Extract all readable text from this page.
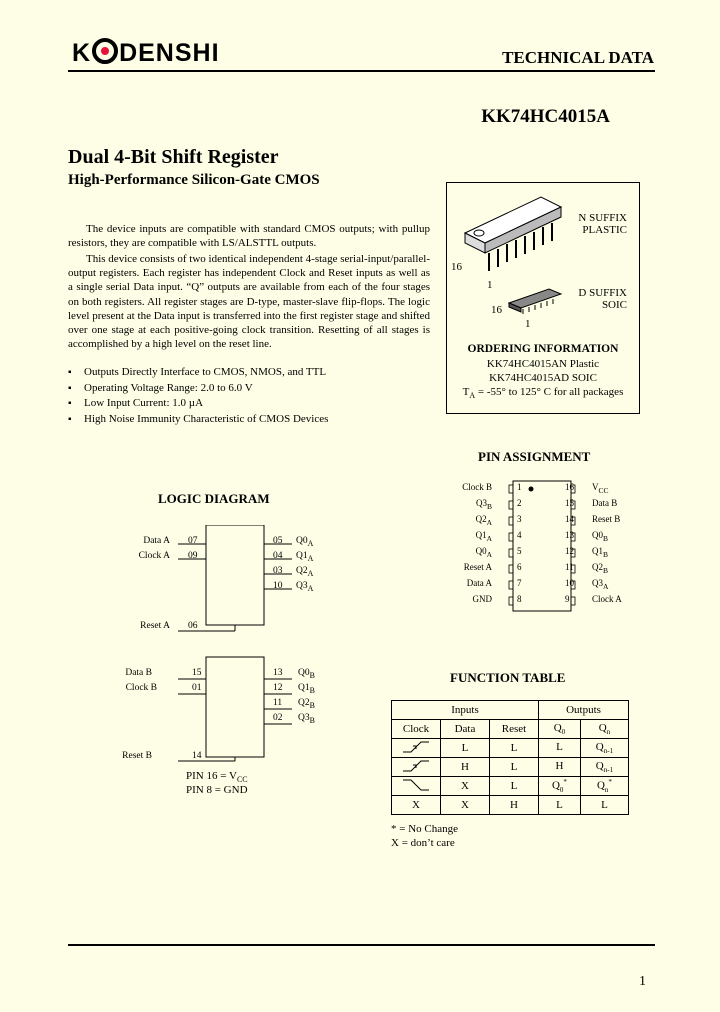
K DENSHI	TECHNICAL DATA
KK74HC4015A
Dual 4-Bit Shift Register
High-Performance Silicon-Gate CMOS
The device inputs are compatible with standard CMOS outputs; with pullup resistors, they are compatible with LS/ALSTTL outputs.
This device consists of two identical independent 4-stage serial-input/parallel-output registers. Each register has independent Clock and Reset inputs as well as a single serial Data input. “Q” outputs are available from each of the four stages on both registers. All register stages are D-type, master-slave flip-flops. The logic level present at the Data input is transferred into the first register stage and shifted over one stage at each positive-going clock transition. Resetting of all stages is accomplished by a high level on the reset line.
▪ Outputs Directly Interface to CMOS, NMOS, and TTL
▪ Operating Voltage Range: 2.0 to 6.0 V
▪ Low Input Current: 1.0 µA
▪ High Noise Immunity Characteristic of CMOS Devices
16
1
N SUFFIX
PLASTIC
16
1
D SUFFIX
SOIC
ORDERING INFORMATION
KK74HC4015AN Plastic
KK74HC4015AD SOIC
$T_A = -55^\circ$ to 125° C for all packages
PIN ASSIGNMENT
Clock B	1	16 $V_{CC}$
$Q3_B$	2	15 Data B
$Q2_A$	3	14 Reset B
$Q1_A$	4	13 $Q0_B$
$Q0_A$	5	12 $Q1_B$
Reset A	6	11 $Q2_B$
Data A	7	10 $Q3_A$
GND	8	9	Clock A
LOGIC DIAGRAM
Data A 07
Clock A 09
Reset A 06
05 $Q0_A$
04 $Q1_A$
03 $Q2_A$
10 $Q3_A$
Data B	15
Clock B	01
Reset B	14
13 $Q0_B$
12 $Q1_B$
11 $Q2_B$
02 $Q3_B$
PIN $16 = V_{CC}$
PIN 8 = GND
FUNCTION TABLE
Inputs			Outputs	
Clock	Data	Reset	$Q_0$	$Q_n$
	L	L	L	$Q_{n-1}$
	H	L	H	$Q_{n-1}$
	X	L	$Q_0^*$	$Q_n^*$
X	X	H	L	L
* = No Change
X = don’t care
1
